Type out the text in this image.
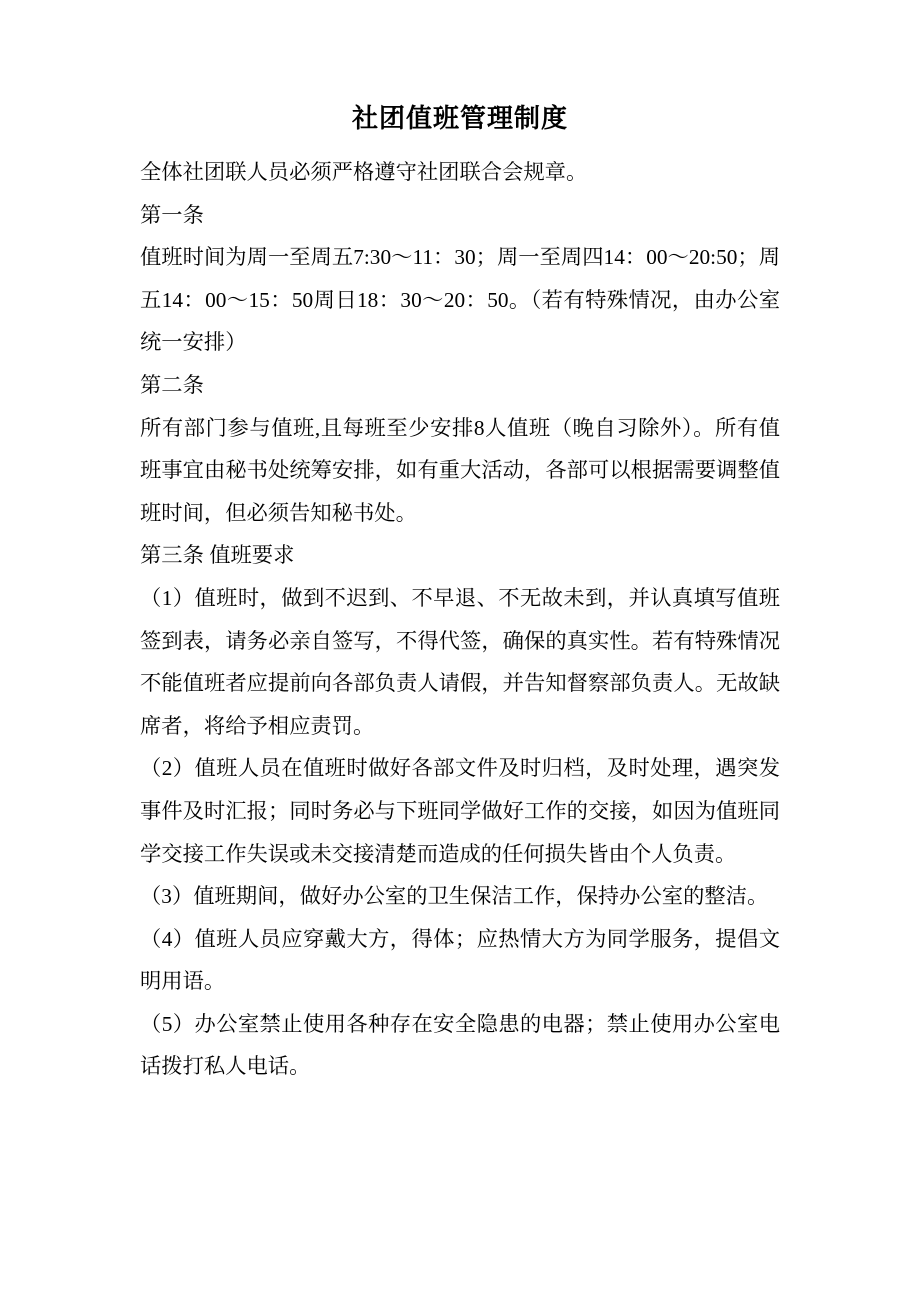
社团值班管理制度

全体社团联人员必须严格遵守社团联合会规章。

第一条

值班时间为周一至周五7:30～11：30；周一至周四14：00～20:50；周五14：00～15：50周日18：30～20：50。（若有特殊情况，由办公室统一安排）

第二条

所有部门参与值班,且每班至少安排8人值班（晚自习除外）。所有值班事宜由秘书处统筹安排，如有重大活动，各部可以根据需要调整值班时间，但必须告知秘书处。

第三条 值班要求

（1）值班时，做到不迟到、不早退、不无故未到，并认真填写值班签到表，请务必亲自签写，不得代签，确保的真实性。若有特殊情况不能值班者应提前向各部负责人请假，并告知督察部负责人。无故缺席者，将给予相应责罚。

（2）值班人员在值班时做好各部文件及时归档，及时处理，遇突发事件及时汇报；同时务必与下班同学做好工作的交接，如因为值班同学交接工作失误或未交接清楚而造成的任何损失皆由个人负责。

（3）值班期间，做好办公室的卫生保洁工作，保持办公室的整洁。

（4）值班人员应穿戴大方，得体；应热情大方为同学服务，提倡文明用语。

（5）办公室禁止使用各种存在安全隐患的电器；禁止使用办公室电话拨打私人电话。
